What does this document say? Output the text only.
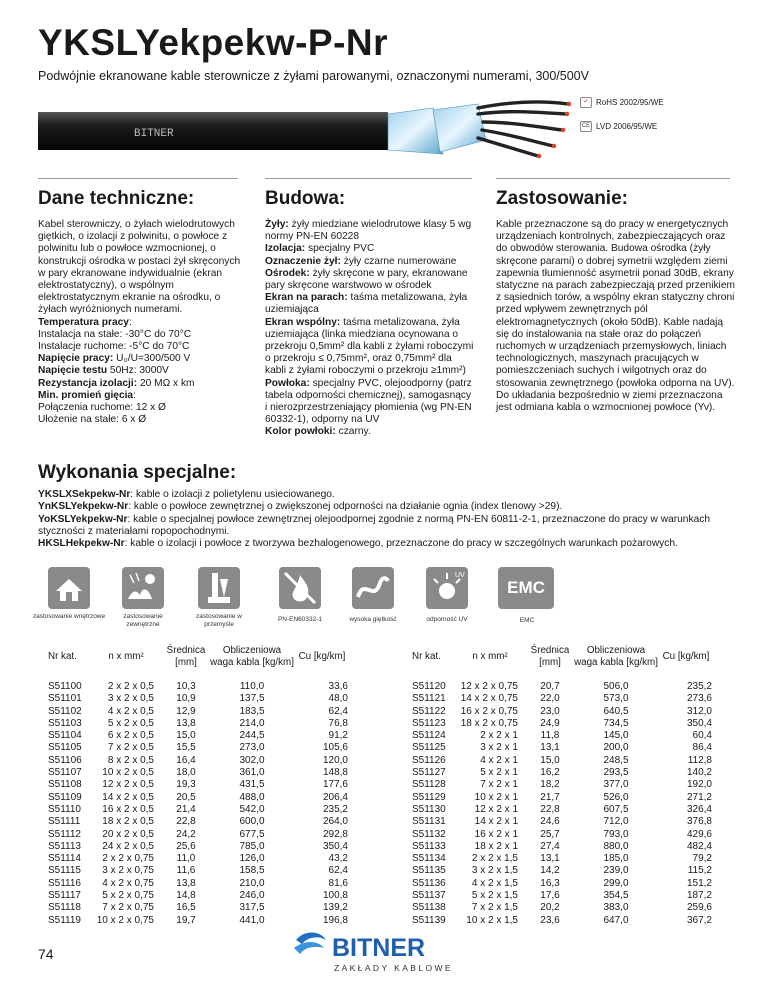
YKSLYekpekw-P-Nr
Podwójnie ekranowane kable sterownicze z żyłami parowanymi, oznaczonymi numerami, 300/500V
BITNER
✓ RoHS 2002/95/WE
CE LVD 2006/95/WE
Dane techniczne:	Budowa:	Zastosowanie:
Kabel sterowniczy, o żyłach wielodrutowych giętkich, o izolacji z polwinitu, o powłoce z polwinitu lub o powłoce wzmocnionej, o konstrukcji ośrodka w postaci żył skręconych w pary ekranowane indywidualnie (ekran elektrostatyczny), o wspólnym elektrostatycznym ekranie na ośrodku, o żyłach wyróżnionych numerami.
Temperatura pracy:
Instalacja na stałe: -30°C do 70°C
Instalacje ruchome: -5°C do 70°C
Napięcie pracy: U₀/U=300/500 V
Napięcie testu 50Hz: 3000V
Rezystancja izolacji: 20 MΩ x km
Min. promień gięcia:
Połączenia ruchome: 12 x Ø
Ułożenie na stałe: 6 x Ø
Żyły: żyły miedziane wielodrutowe klasy 5 wg normy PN-EN 60228
Izolacja: specjalny PVC
Oznaczenie żył: żyły czarne numerowane
Ośrodek: żyły skręcone w pary, ekranowane pary skręcone warstwowo w ośrodek
Ekran na parach: taśma metalizowana, żyła uziemiająca
Ekran wspólny: taśma metalizowana, żyła uziemiająca (linka miedziana ocynowana o przekroju 0,5mm² dla kabli z żyłami roboczymi o przekroju ≤ 0,75mm², oraz 0,75mm² dla kabli z żyłami roboczymi o przekroju ≥1mm²)
Powłoka: specjalny PVC, olejoodporny (patrz tabela odporności chemicznej), samogasnący i nierozprzestrzeniający płomienia (wg PN-EN 60332-1), odporny na UV
Kolor powłoki: czarny.
Kable przeznaczone są do pracy w energetycznych urządzeniach kontrolnych, zabezpieczających oraz do obwodów sterowania. Budowa ośrodka (żyły skręcone parami) o dobrej symetrii względem ziemi zapewnia tłumienność asymetrii ponad 30dB, ekrany statyczne na parach zabezpieczają przed przenikiem z sąsiednich torów, a wspólny ekran statyczny chroni przed wpływem zewnętrznych pól elektromagnetycznych (około 50dB). Kable nadają się do instalowania na stałe oraz do połączeń ruchomych w urządzeniach przemysłowych, liniach technologicznych, maszynach pracujących w pomieszczeniach suchych i wilgotnych oraz do stosowania zewnętrznego (powłoka odporna na UV). Do układania bezpośrednio w ziemi przeznaczona jest odmiana kabla o wzmocnionej powłoce (Yv).
Wykonania specjalne:
YKSLXSekpekw-Nr: kable o izolacji z polietylenu usieciowanego.
YnKSLYekpekw-Nr: kable o powłoce zewnętrznej o zwiększonej odporności na działanie ognia (index tlenowy >29).
YoKSLYekpekw-Nr: kable o specjalnej powłoce zewnętrznej olejoodpornej zgodnie z normą PN-EN 60811-2-1, przeznaczone do pracy w warunkach styczności z materiałami ropopochodnymi.
HKSLHekpekw-Nr: kable o izolacji i powłoce z tworzywa bezhalogenowego, przeznaczone do pracy w szczególnych warunkach pożarowych.
UV
EMC
zastosowanie wnętrzowe	zastosowanie zewnętrzne
zastosowanie w przemyśle
PN-EN60332-1	wysoka giętkość	odporność UV	EMC
Nr kat.	n x mm²	Średnica [mm]	Obliczeniowa waga kabla [kg/km]	Cu [kg/km]
S51100	2 x 2 x 0,5	10,3	110,0	33,6
S51101	3 x 2 x 0,5	10,9	137,5	48,0
S51102	4 x 2 x 0,5	12,9	183,5	62,4
S51103	5 x 2 x 0,5	13,8	214,0	76,8
S51104	6 x 2 x 0,5	15,0	244,5	91,2
S51105	7 x 2 x 0,5	15,5	273,0	105,6
S51106	8 x 2 x 0,5	16,4	302,0	120,0
S51107	10 x 2 x 0,5	18,0	361,0	148,8
S51108	12 x 2 x 0,5	19,3	431,5	177,6
S51109	14 x 2 x 0,5	20,5	488,0	206,4
S51110	16 x 2 x 0,5	21,4	542,0	235,2
S51111	18 x 2 x 0,5	22,8	600,0	264,0
S51112	20 x 2 x 0,5	24,2	677,5	292,8
S51113	24 x 2 x 0,5	25,6	785,0	350,4
S51114	2 x 2 x 0,75	11,0	126,0	43,2
S51115	3 x 2 x 0,75	11,6	158,5	62,4
S51116	4 x 2 x 0,75	13,8	210,0	81,6
S51117	5 x 2 x 0,75	14,8	246,0	100,8
S51118	7 x 2 x 0,75	16,5	317,5	139,2
S51119	10 x 2 x 0,75	19,7	441,0	196,8
Nr kat.	n x mm²	Średnica [mm]	Obliczeniowa waga kabla [kg/km]	Cu [kg/km]
S51120	12 x 2 x 0,75	20,7	506,0	235,2
S51121	14 x 2 x 0,75	22,0	573,0	273,6
S51122	16 x 2 x 0,75	23,0	640,5	312,0
S51123	18 x 2 x 0,75	24,9	734,5	350,4
S51124	2 x 2 x 1	11,8	145,0	60,4
S51125	3 x 2 x 1	13,1	200,0	86,4
S51126	4 x 2 x 1	15,0	248,5	112,8
S51127	5 x 2 x 1	16,2	293,5	140,2
S51128	7 x 2 x 1	18,2	377,0	192,0
S51129	10 x 2 x 1	21,7	526,0	271,2
S51130	12 x 2 x 1	22,8	607,5	326,4
S51131	14 x 2 x 1	24,6	712,0	376,8
S51132	16 x 2 x 1	25,7	793,0	429,6
S51133	18 x 2 x 1	27,4	880,0	482,4
S51134	2 x 2 x 1,5	13,1	185,0	79,2
S51135	3 x 2 x 1,5	14,2	239,0	115,2
S51136	4 x 2 x 1,5	16,3	299,0	151,2
S51137	5 x 2 x 1,5	17,6	354,5	187,2
S51138	7 x 2 x 1,5	20,2	383,0	259,6
S51139	10 x 2 x 1,5	23,6	647,0	367,2
74	BITNER
ZAKŁADY KABLOWE
